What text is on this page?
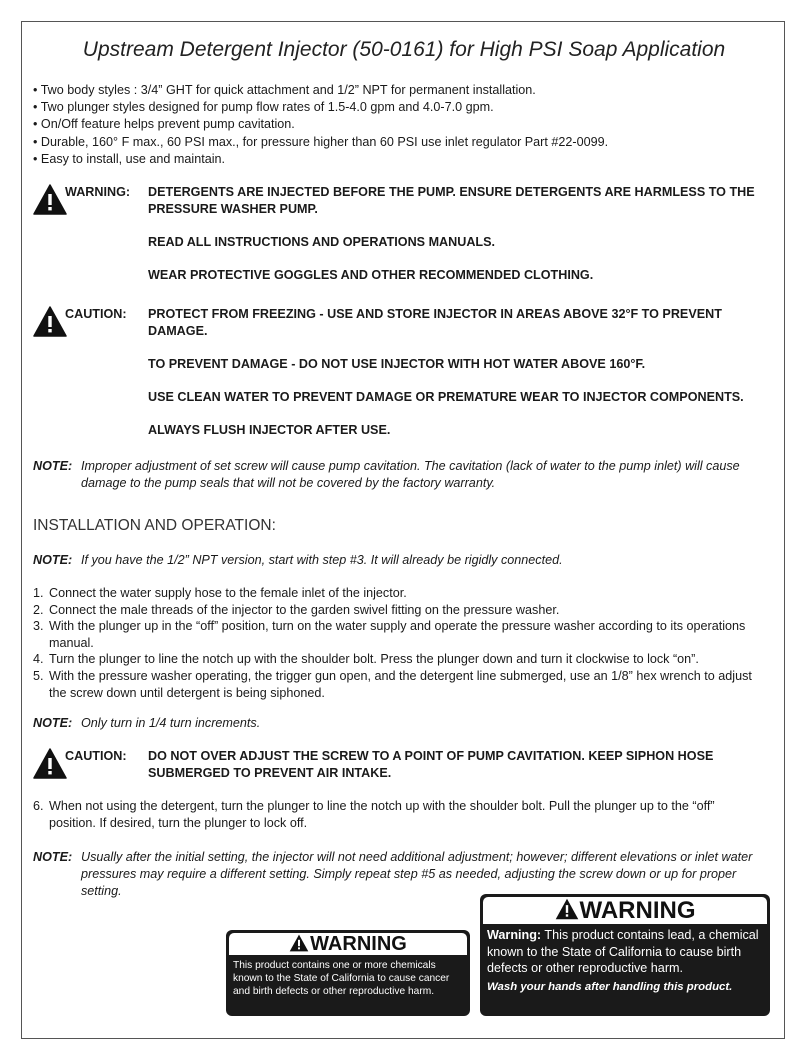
Upstream Detergent Injector (50-0161) for High PSI Soap Application
• Two body styles : 3/4” GHT for quick attachment and 1/2” NPT for permanent installation.
• Two plunger styles designed for pump flow rates of 1.5-4.0 gpm and 4.0-7.0 gpm.
• On/Off feature helps prevent pump cavitation.
• Durable, 160° F max., 60 PSI max., for pressure higher than 60 PSI use inlet regulator Part #22-0099.
• Easy to install, use and maintain.
WARNING: DETERGENTS ARE INJECTED BEFORE THE PUMP. ENSURE DETERGENTS ARE HARMLESS TO THE PRESSURE WASHER PUMP.

READ ALL INSTRUCTIONS AND OPERATIONS MANUALS.

WEAR PROTECTIVE GOGGLES AND OTHER RECOMMENDED CLOTHING.

CAUTION: PROTECT FROM FREEZING - USE AND STORE INJECTOR IN AREAS ABOVE 32°F TO PREVENT DAMAGE.

TO PREVENT DAMAGE - DO NOT USE INJECTOR WITH HOT WATER ABOVE 160°F.

USE CLEAN WATER TO PREVENT DAMAGE OR PREMATURE WEAR TO INJECTOR COMPONENTS.

ALWAYS FLUSH INJECTOR AFTER USE.

NOTE: Improper adjustment of set screw will cause pump cavitation. The cavitation (lack of water to the pump inlet) will cause damage to the pump seals that will not be covered by the factory warranty.
INSTALLATION AND OPERATION:
NOTE: If you have the 1/2” NPT version, start with step #3. It will already be rigidly connected.
1. Connect the water supply hose to the female inlet of the injector.
2. Connect the male threads of the injector to the garden swivel fitting on the pressure washer.
3. With the plunger up in the “off” position, turn on the water supply and operate the pressure washer according to its operations manual.
4. Turn the plunger to line the notch up with the shoulder bolt. Press the plunger down and turn it clockwise to lock “on”.
5. With the pressure washer operating, the trigger gun open, and the detergent line submerged, use an 1/8” hex wrench to adjust the screw down until detergent is being siphoned.
NOTE: Only turn in 1/4 turn increments.
CAUTION: DO NOT OVER ADJUST THE SCREW TO A POINT OF PUMP CAVITATION. KEEP SIPHON HOSE SUBMERGED TO PREVENT AIR INTAKE.

6. When not using the detergent, turn the plunger to line the notch up with the shoulder bolt. Pull the plunger up to the “off” position. If desired, turn the plunger to lock off.
NOTE: Usually after the initial setting, the injector will not need additional adjustment; however; different elevations or inlet water pressures may require a different setting. Simply repeat step #5 as needed, adjusting the screw down or up for proper setting.
WARNING
This product contains one or more chemicals known to the State of California to cause cancer and birth defects or other reproductive harm.
WARNING
Warning: This product contains lead, a chemical known to the State of California to cause birth defects or other reproductive harm.
Wash your hands after handling this product.
